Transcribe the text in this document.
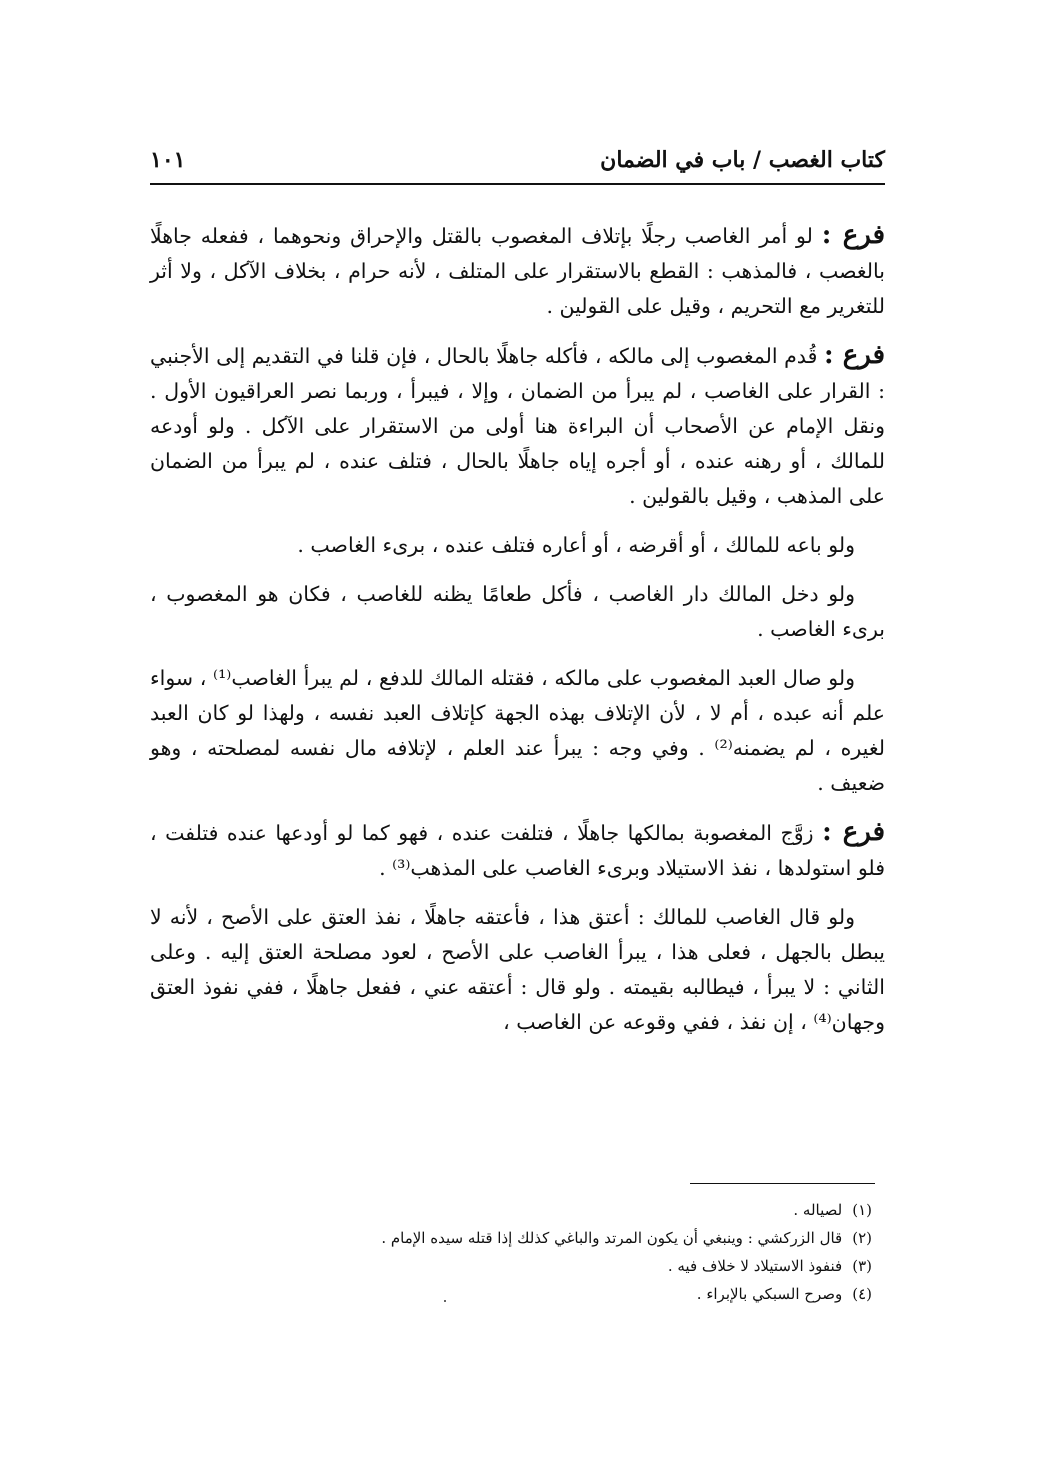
كتاب الغصب / باب في الضمان
١٠١

فرع : لو أمر الغاصب رجلًا بإتلاف المغصوب بالقتل والإحراق ونحوهما ، ففعله جاهلًا بالغصب ، فالمذهب : القطع بالاستقرار على المتلف ، لأنه حرام ، بخلاف الآكل ، ولا أثر للتغرير مع التحريم ، وقيل على القولين .

فرع : قُدم المغصوب إلى مالكه ، فأكله جاهلًا بالحال ، فإن قلنا في التقديم إلى الأجنبي : القرار على الغاصب ، لم يبرأ من الضمان ، وإلا ، فيبرأ ، وربما نصر العراقيون الأول . ونقل الإمام عن الأصحاب أن البراءة هنا أولى من الاستقرار على الآكل . ولو أودعه للمالك ، أو رهنه عنده ، أو أجره إياه جاهلًا بالحال ، فتلف عنده ، لم يبرأ من الضمان على المذهب ، وقيل بالقولين .

ولو باعه للمالك ، أو أقرضه ، أو أعاره فتلف عنده ، برىء الغاصب .

ولو دخل المالك دار الغاصب ، فأكل طعامًا يظنه للغاصب ، فكان هو المغصوب ، برىء الغاصب .

ولو صال العبد المغصوب على مالكه ، فقتله المالك للدفع ، لم يبرأ الغاصب⁽¹⁾ ، سواء علم أنه عبده ، أم لا ، لأن الإتلاف بهذه الجهة كإتلاف العبد نفسه ، ولهذا لو كان العبد لغيره ، لم يضمنه⁽²⁾ . وفي وجه : يبرأ عند العلم ، لإتلافه مال نفسه لمصلحته ، وهو ضعيف .

فرع : زوَّج المغصوبة بمالكها جاهلًا ، فتلفت عنده ، فهو كما لو أودعها عنده فتلفت ، فلو استولدها ، نفذ الاستيلاد وبرىء الغاصب على المذهب⁽³⁾ .

ولو قال الغاصب للمالك : أعتق هذا ، فأعتقه جاهلًا ، نفذ العتق على الأصح ، لأنه لا يبطل بالجهل ، فعلى هذا ، يبرأ الغاصب على الأصح ، لعود مصلحة العتق إليه . وعلى الثاني : لا يبرأ ، فيطالبه بقيمته . ولو قال : أعتقه عني ، ففعل جاهلًا ، ففي نفوذ العتق وجهان⁽⁴⁾ ، إن نفذ ، ففي وقوعه عن الغاصب ،

(١)لصياله .

(٢)قال الزركشي : وينبغي أن يكون المرتد والباغي كذلك إذا قتله سيده الإمام .

(٣)فنفوذ الاستيلاد لا خلاف فيه .

(٤)وصرح السبكي بالإبراء .
